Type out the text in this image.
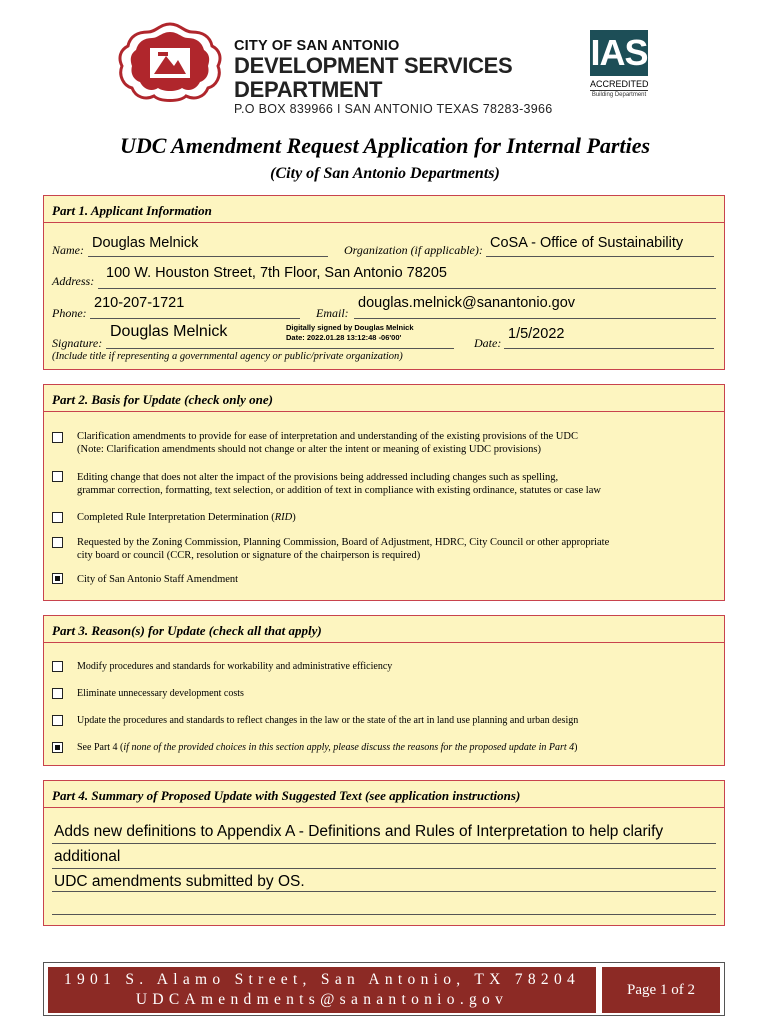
CITY OF SAN ANTONIO
DEVELOPMENT SERVICES DEPARTMENT
P.O BOX 839966 I SAN ANTONIO TEXAS 78283-3966
IAS
ACCREDITED
Building Department
UDC Amendment Request Application for Internal Parties
(City of San Antonio Departments)
Part 1. Applicant Information
Name: Douglas Melnick	Organization (if applicable): CoSA - Office of Sustainability
Address: 100 W. Houston Street, 7th Floor, San Antonio 78205
Phone:
210-207-1721
Email:
douglas.melnick@sanantonio.gov
Signature:
Douglas Melnick	Digitally signed by Douglas Melnick
Date: 2022.01.28 13:12:48 -06'00'	Date:
1/5/2022
(Include title if representing a governmental agency or public/private organization)
Part 2. Basis for Update (check only one)
Clarification amendments to provide for ease of interpretation and understanding of the existing provisions of the UDC
(Note: Clarification amendments should not change or alter the intent or meaning of existing UDC provisions)
Editing change that does not alter the impact of the provisions being addressed including changes such as spelling,
grammar correction, formatting, text selection, or addition of text in compliance with existing ordinance, statutes or case law
Completed Rule Interpretation Determination (RID)
Requested by the Zoning Commission, Planning Commission, Board of Adjustment, HDRC, City Council or other appropriate
city board or council (CCR, resolution or signature of the chairperson is required)
City of San Antonio Staff Amendment
Part 3. Reason(s) for Update (check all that apply)
Modify procedures and standards for workability and administrative efficiency
Eliminate unnecessary development costs
Update the procedures and standards to reflect changes in the law or the state of the art in land use planning and urban design
See Part 4 (if none of the provided choices in this section apply, please discuss the reasons for the proposed update in Part 4)
Part 4. Summary of Proposed Update with Suggested Text (see application instructions)
Adds new definitions to Appendix A - Definitions and Rules of Interpretation to help clarify additional
UDC amendments submitted by OS.
1901 S. Alamo Street, San Antonio, TX 78204
UDCAmendments@sanantonio.gov
Page 1 of 2
